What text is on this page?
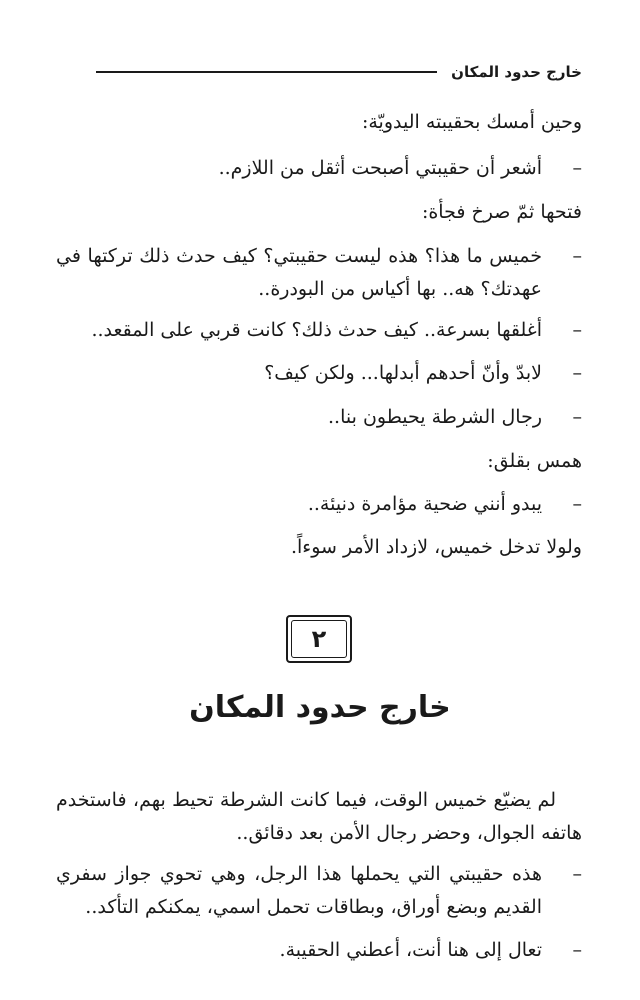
خارج حدود المكان

وحين أمسك بحقيبته اليدويّة:

–
أشعر أن حقيبتي أصبحت أثقل من اللازم..

فتحها ثمّ صرخ فجأة:

–
خميس ما هذا؟ هذه ليست حقيبتي؟ كيف حدث ذلك تركتها في عهدتك؟ هه.. بها أكياس من البودرة..
–
أغلقها بسرعة.. كيف حدث ذلك؟ كانت قربي على المقعد..
–
لابدّ وأنّ أحدهم أبدلها... ولكن كيف؟
–
رجال الشرطة يحيطون بنا..

همس بقلق:

–
يبدو أنني ضحية مؤامرة دنيئة..

ولولا تدخل خميس، لازداد الأمر سوءاً.

٢
خارج حدود المكان

لم يضيّع خميس الوقت، فيما كانت الشرطة تحيط بهم، فاستخدم هاتفه الجوال، وحضر رجال الأمن بعد دقائق..

–
هذه حقيبتي التي يحملها هذا الرجل، وهي تحوي جواز سفري القديم وبضع أوراق، وبطاقات تحمل اسمي، يمكنكم التأكد..
–
تعال إلى هنا أنت، أعطني الحقيبة.
